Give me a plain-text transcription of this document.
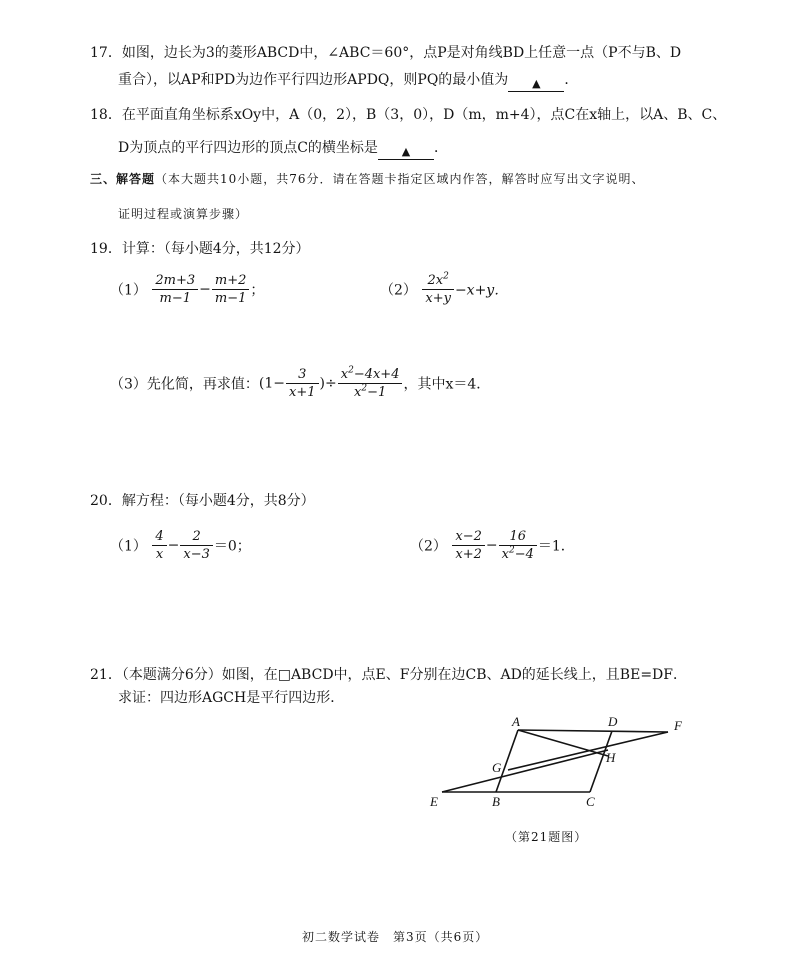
17．如图，边长为3的菱形ABCD中，∠ABC＝60°，点P是对角线BD上任意一点（P不与B、D
重合），以AP和PD为边作平行四边形APDQ，则PQ的最小值为 ▲ ．
18．在平面直角坐标系xOy中，A（0，2），B（3，0），D（m，m+4），点C在x轴上，以A、B、C、
D为顶点的平行四边形的顶点C的横坐标是 ▲ ．
三、解答题（本大题共10小题，共76分．请在答题卡指定区域内作答，解答时应写出文字说明、
证明过程或演算步骤）
19．计算：（每小题4分，共12分）
$(1) \frac{2m+3}{m-1} - \frac{m+2}{m-1}$ ；	$(2) \frac{2x^2}{x+y} -x+y$．
（3）先化简，再求值：($1- \frac{3}{x+1}$ )÷ $\frac{x^2-4x+4}{x^2-1}$ ，其中x＝4．
20．解方程：（每小题4分，共8分）
$(1) \frac{4}{x} - \frac{2}{x-3} =0$；	$(2) \frac{x-2}{x+2} - \frac{16}{x^2-4} =1$．
21．（本题满分6分）如图，在□ABCD中，点E、F分别在边CB、AD的延长线上，且BE=DF．
求证：四边形AGCH是平行四边形．
A	D	F
G
H
E	B	C
（第21题图）
初二数学试卷　第3页（共6页）
